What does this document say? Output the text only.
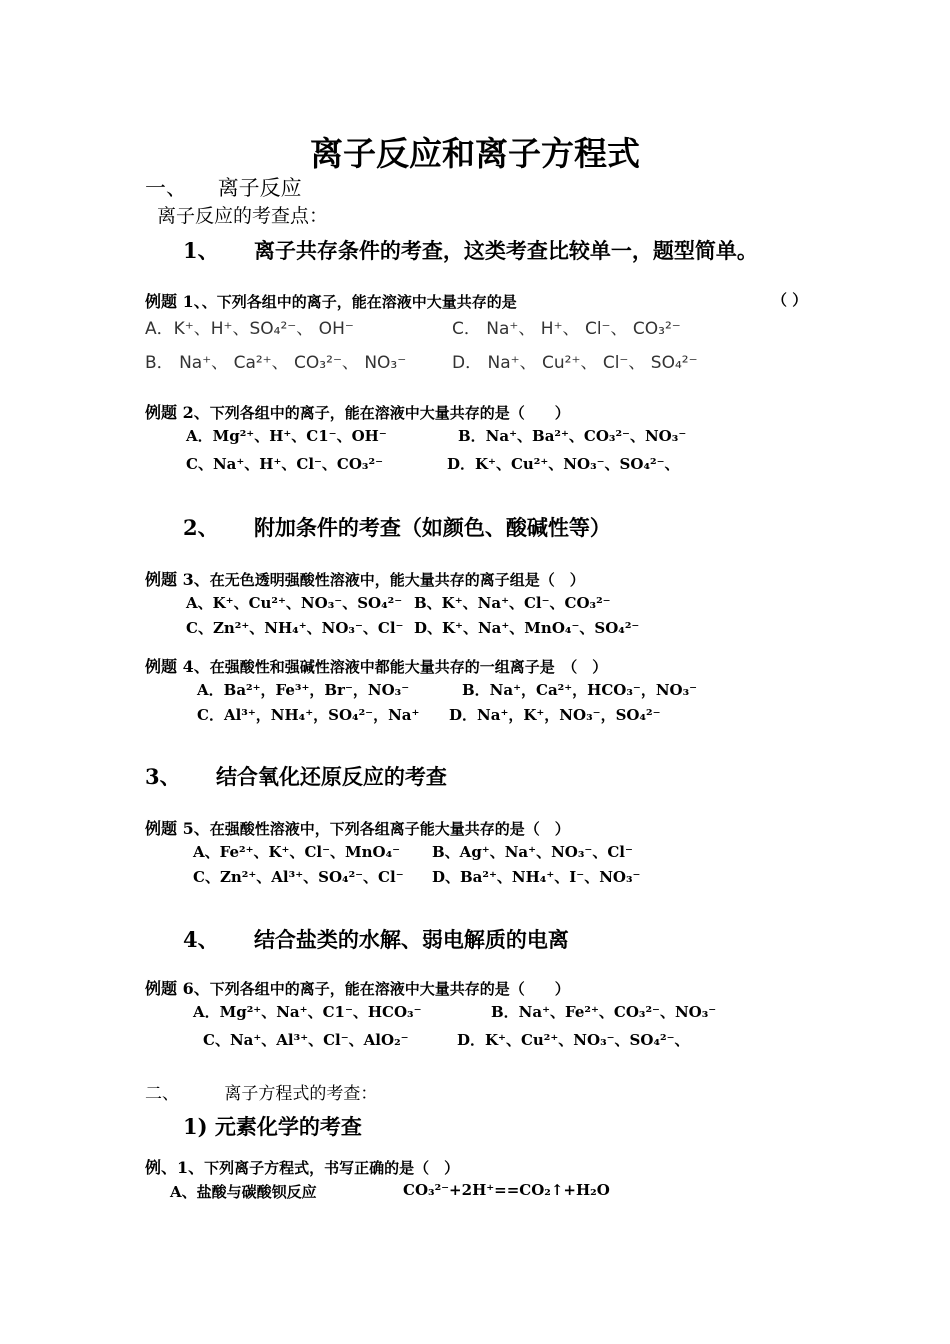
离子反应和离子方程式
一、 离子反应
离子反应的考查点：
1、 离子共存条件的考查，这类考查比较单一，题型简单。
例题 1、、下列各组中的离子，能在溶液中大量共存的是	（ ）
A．K⁺、H⁺、SO₄²⁻、 OH⁻	C． Na⁺、 H⁺、 Cl⁻、 CO₃²⁻
B． Na⁺、 Ca²⁺、 CO₃²⁻、 NO₃⁻	D． Na⁺、 Cu²⁺、 Cl⁻、 SO₄²⁻
例题 2、下列各组中的离子，能在溶液中大量共存的是（　　）
A．Mg²⁺、H⁺、C1⁻、OH⁻	B．Na⁺、Ba²⁺、CO₃²⁻、NO₃⁻
C、Na⁺、H⁺、Cl⁻、CO₃²⁻	D．K⁺、Cu²⁺、NO₃⁻、SO₄²⁻、
2、 附加条件的考查（如颜色、酸碱性等）
例题 3、在无色透明强酸性溶液中，能大量共存的离子组是（　）
A、K⁺、Cu²⁺、NO₃⁻、SO₄²⁻ B、K⁺、Na⁺、Cl⁻、CO₃²⁻
C、Zn²⁺、NH₄⁺、NO₃⁻、Cl⁻ D、K⁺、Na⁺、MnO₄⁻、SO₄²⁻
例题 4、在强酸性和强碱性溶液中都能大量共存的一组离子是　（　）
A．Ba²⁺，Fe³⁺，Br⁻，NO₃⁻	B．Na⁺，Ca²⁺，HCO₃⁻，NO₃⁻
C．Al³⁺，NH₄⁺，SO₄²⁻，Na⁺ D．Na⁺，K⁺，NO₃⁻，SO₄²⁻
3、 结合氧化还原反应的考查
例题 5、在强酸性溶液中，下列各组离子能大量共存的是（　）
A、Fe²⁺、K⁺、Cl⁻、MnO₄⁻ B、Ag⁺、Na⁺、NO₃⁻、Cl⁻
C、Zn²⁺、Al³⁺、SO₄²⁻、Cl⁻ D、Ba²⁺、NH₄⁺、I⁻、NO₃⁻
4、 结合盐类的水解、弱电解质的电离
例题 6、下列各组中的离子，能在溶液中大量共存的是（　　）
A．Mg²⁺、Na⁺、C1⁻、HCO₃⁻	B．Na⁺、Fe²⁺、CO₃²⁻、NO₃⁻
C、Na⁺、Al³⁺、Cl⁻、AlO₂⁻	D．K⁺、Cu²⁺、NO₃⁻、SO₄²⁻、
二、	离子方程式的考查：
1) 元素化学的考查
例、1、下列离子方程式，书写正确的是（　）
A、盐酸与碳酸钡反应	CO₃²⁻+2H⁺==CO₂↑+H₂O
